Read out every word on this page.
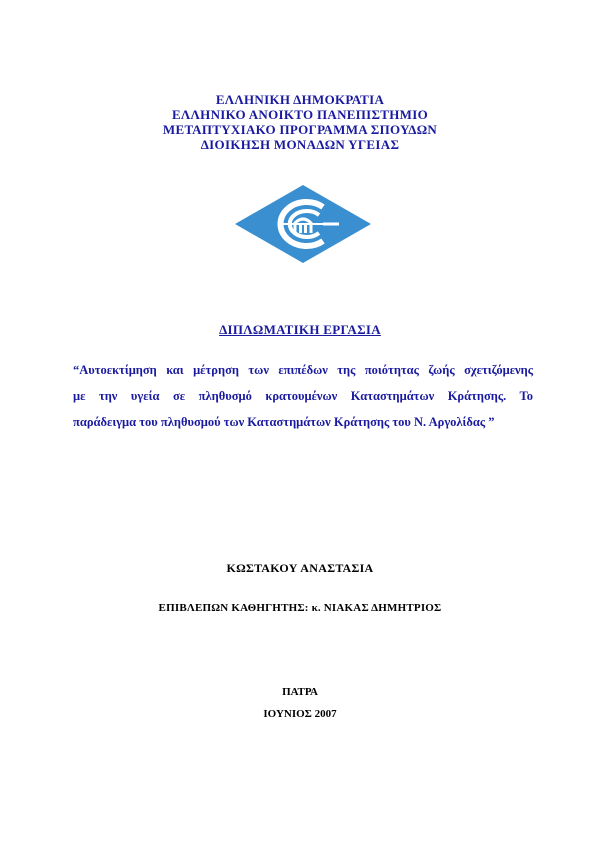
ΕΛΛΗΝΙΚΗ ΔΗΜΟΚΡΑΤΙΑ
ΕΛΛΗΝΙΚΟ ΑΝΟΙΚΤΟ ΠΑΝΕΠΙΣΤΗΜΙΟ
ΜΕΤΑΠΤΥΧΙΑΚΟ ΠΡΟΓΡΑΜΜΑ ΣΠΟΥΔΩΝ
ΔΙΟΙΚΗΣΗ ΜΟΝΑΔΩΝ ΥΓΕΙΑΣ
ΔΙΠΛΩΜΑΤΙΚΗ ΕΡΓΑΣΙΑ
“Αυτοεκτίμηση και μέτρηση των επιπέδων της ποιότητας ζωής σχετιζόμενης
με την υγεία σε πληθυσμό κρατουμένων Καταστημάτων Κράτησης. Το
παράδειγμα του πληθυσμού των Καταστημάτων Κράτησης του Ν. Αργολίδας ”
ΚΩΣΤΑΚΟΥ ΑΝΑΣΤΑΣΙΑ
ΕΠΙΒΛΕΠΩΝ ΚΑΘΗΓΗΤΗΣ: κ. ΝΙΑΚΑΣ ΔΗΜΗΤΡΙΟΣ
ΠΑΤΡΑ
ΙΟΥΝΙΟΣ 2007
